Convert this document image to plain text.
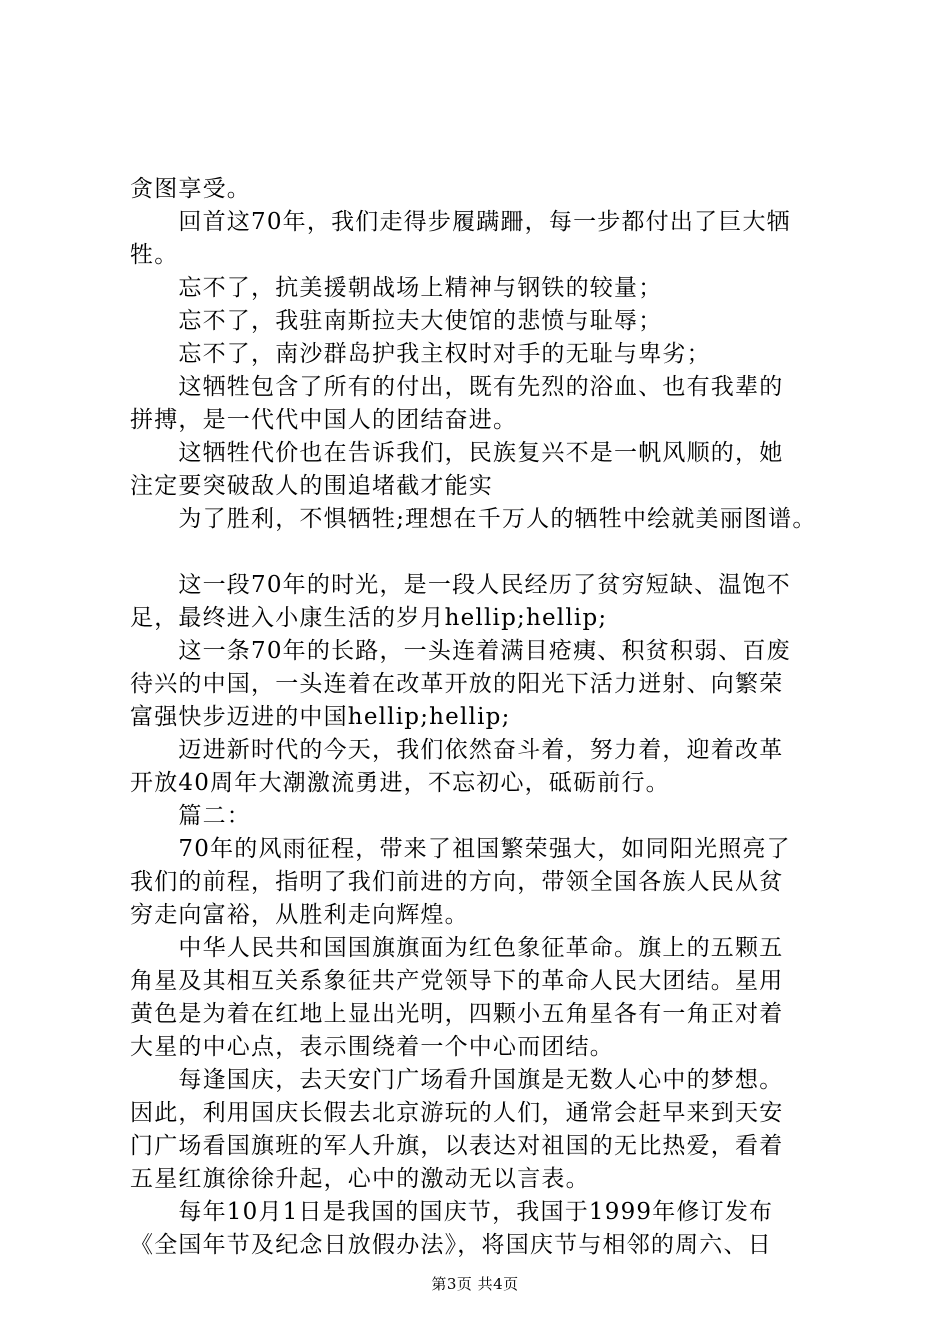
贪图享受。
　　回首这70年，我们走得步履蹒跚，每一步都付出了巨大牺
牲。
　　忘不了，抗美援朝战场上精神与钢铁的较量；
　　忘不了，我驻南斯拉夫大使馆的悲愤与耻辱；
　　忘不了，南沙群岛护我主权时对手的无耻与卑劣；
　　这牺牲包含了所有的付出，既有先烈的浴血、也有我辈的
拼搏，是一代代中国人的团结奋进。
　　这牺牲代价也在告诉我们，民族复兴不是一帆风顺的，她
注定要突破敌人的围追堵截才能实
　　为了胜利，不惧牺牲;理想在千万人的牺牲中绘就美丽图谱。
　　这一段70年的时光，是一段人民经历了贫穷短缺、温饱不
足，最终进入小康生活的岁月hellip;hellip;
　　这一条70年的长路，一头连着满目疮痍、积贫积弱、百废
待兴的中国，一头连着在改革开放的阳光下活力迸射、向繁荣
富强快步迈进的中国hellip;hellip;
　　迈进新时代的今天，我们依然奋斗着，努力着，迎着改革
开放40周年大潮激流勇进，不忘初心，砥砺前行。
　　篇二：
　　70年的风雨征程，带来了祖国繁荣强大，如同阳光照亮了
我们的前程，指明了我们前进的方向，带领全国各族人民从贫
穷走向富裕，从胜利走向辉煌。
　　中华人民共和国国旗旗面为红色象征革命。旗上的五颗五
角星及其相互关系象征共产党领导下的革命人民大团结。星用
黄色是为着在红地上显出光明，四颗小五角星各有一角正对着
大星的中心点，表示围绕着一个中心而团结。
　　每逢国庆，去天安门广场看升国旗是无数人心中的梦想。
因此，利用国庆长假去北京游玩的人们，通常会赶早来到天安
门广场看国旗班的军人升旗，以表达对祖国的无比热爱，看着
五星红旗徐徐升起，心中的激动无以言表。
　　每年10月1日是我国的国庆节，我国于1999年修订发布
《全国年节及纪念日放假办法》，将国庆节与相邻的周六、日
第3页 共4页
